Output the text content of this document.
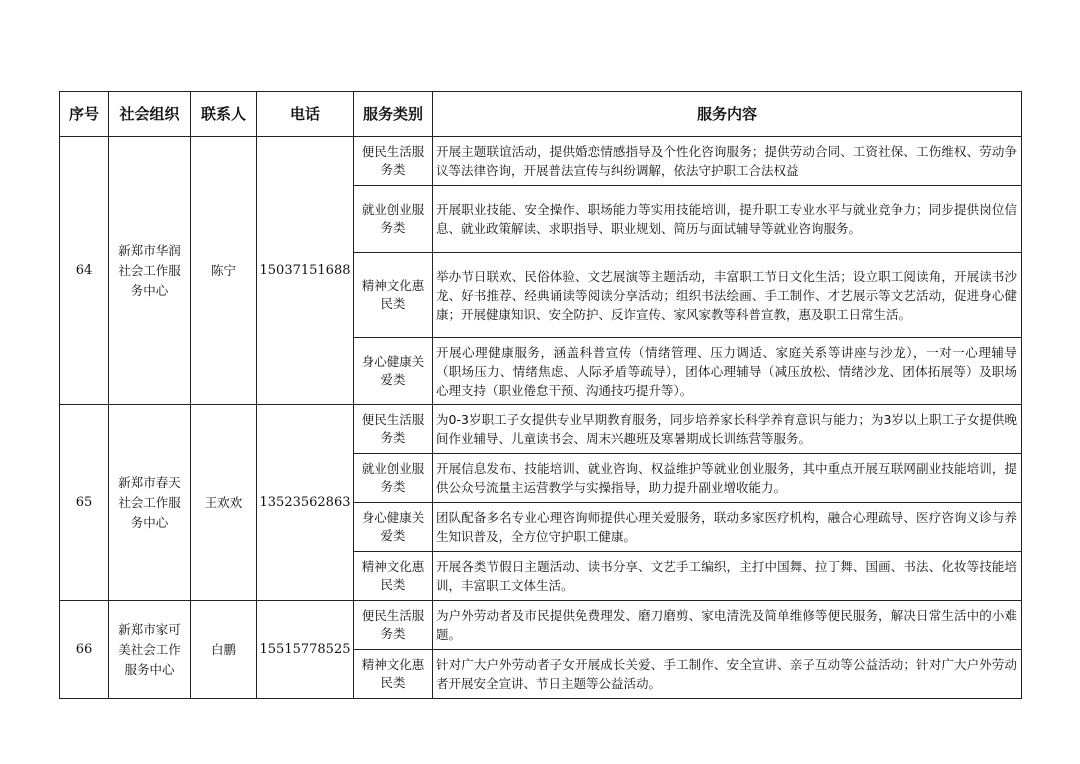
序号	社会组织	联系人	电话	服务类别	服务内容
64	新郑市华润社会工作服务中心	陈宁	15037151688	便民生活服务类	开展主题联谊活动，提供婚恋情感指导及个性化咨询服务；提供劳动合同、工资社保、工伤维权、劳动争议等法律咨询，开展普法宣传与纠纷调解，依法守护职工合法权益
				就业创业服务类	开展职业技能、安全操作、职场能力等实用技能培训，提升职工专业水平与就业竞争力；同步提供岗位信息、就业政策解读、求职指导、职业规划、简历与面试辅导等就业咨询服务。
				精神文化惠民类	举办节日联欢、民俗体验、文艺展演等主题活动，丰富职工节日文化生活；设立职工阅读角，开展读书沙龙、好书推荐、经典诵读等阅读分享活动；组织书法绘画、手工制作、才艺展示等文艺活动，促进身心健康；开展健康知识、安全防护、反诈宣传、家风家教等科普宣教，惠及职工日常生活。
				身心健康关爱类	开展心理健康服务，涵盖科普宣传（情绪管理、压力调适、家庭关系等讲座与沙龙），一对一心理辅导（职场压力、情绪焦虑、人际矛盾等疏导），团体心理辅导（减压放松、情绪沙龙、团体拓展等）及职场心理支持（职业倦怠干预、沟通技巧提升等）。
65	新郑市春天社会工作服务中心	王欢欢	13523562863	便民生活服务类	为0-3岁职工子女提供专业早期教育服务，同步培养家长科学养育意识与能力；为3岁以上职工子女提供晚间作业辅导、儿童读书会、周末兴趣班及寒暑期成长训练营等服务。
				就业创业服务类	开展信息发布、技能培训、就业咨询、权益维护等就业创业服务，其中重点开展互联网副业技能培训，提供公众号流量主运营教学与实操指导，助力提升副业增收能力。
				身心健康关爱类	团队配备多名专业心理咨询师提供心理关爱服务，联动多家医疗机构，融合心理疏导、医疗咨询义诊与养生知识普及，全方位守护职工健康。
				精神文化惠民类	开展各类节假日主题活动、读书分享、文艺手工编织，主打中国舞、拉丁舞、国画、书法、化妆等技能培训，丰富职工文体生活。
66	新郑市家可美社会工作服务中心	白鹏	15515778525	便民生活服务类	为户外劳动者及市民提供免费理发、磨刀磨剪、家电清洗及简单维修等便民服务，解决日常生活中的小难题。
				精神文化惠民类	针对广大户外劳动者子女开展成长关爱、手工制作、安全宣讲、亲子互动等公益活动；针对广大户外劳动者开展安全宣讲、节日主题等公益活动。
